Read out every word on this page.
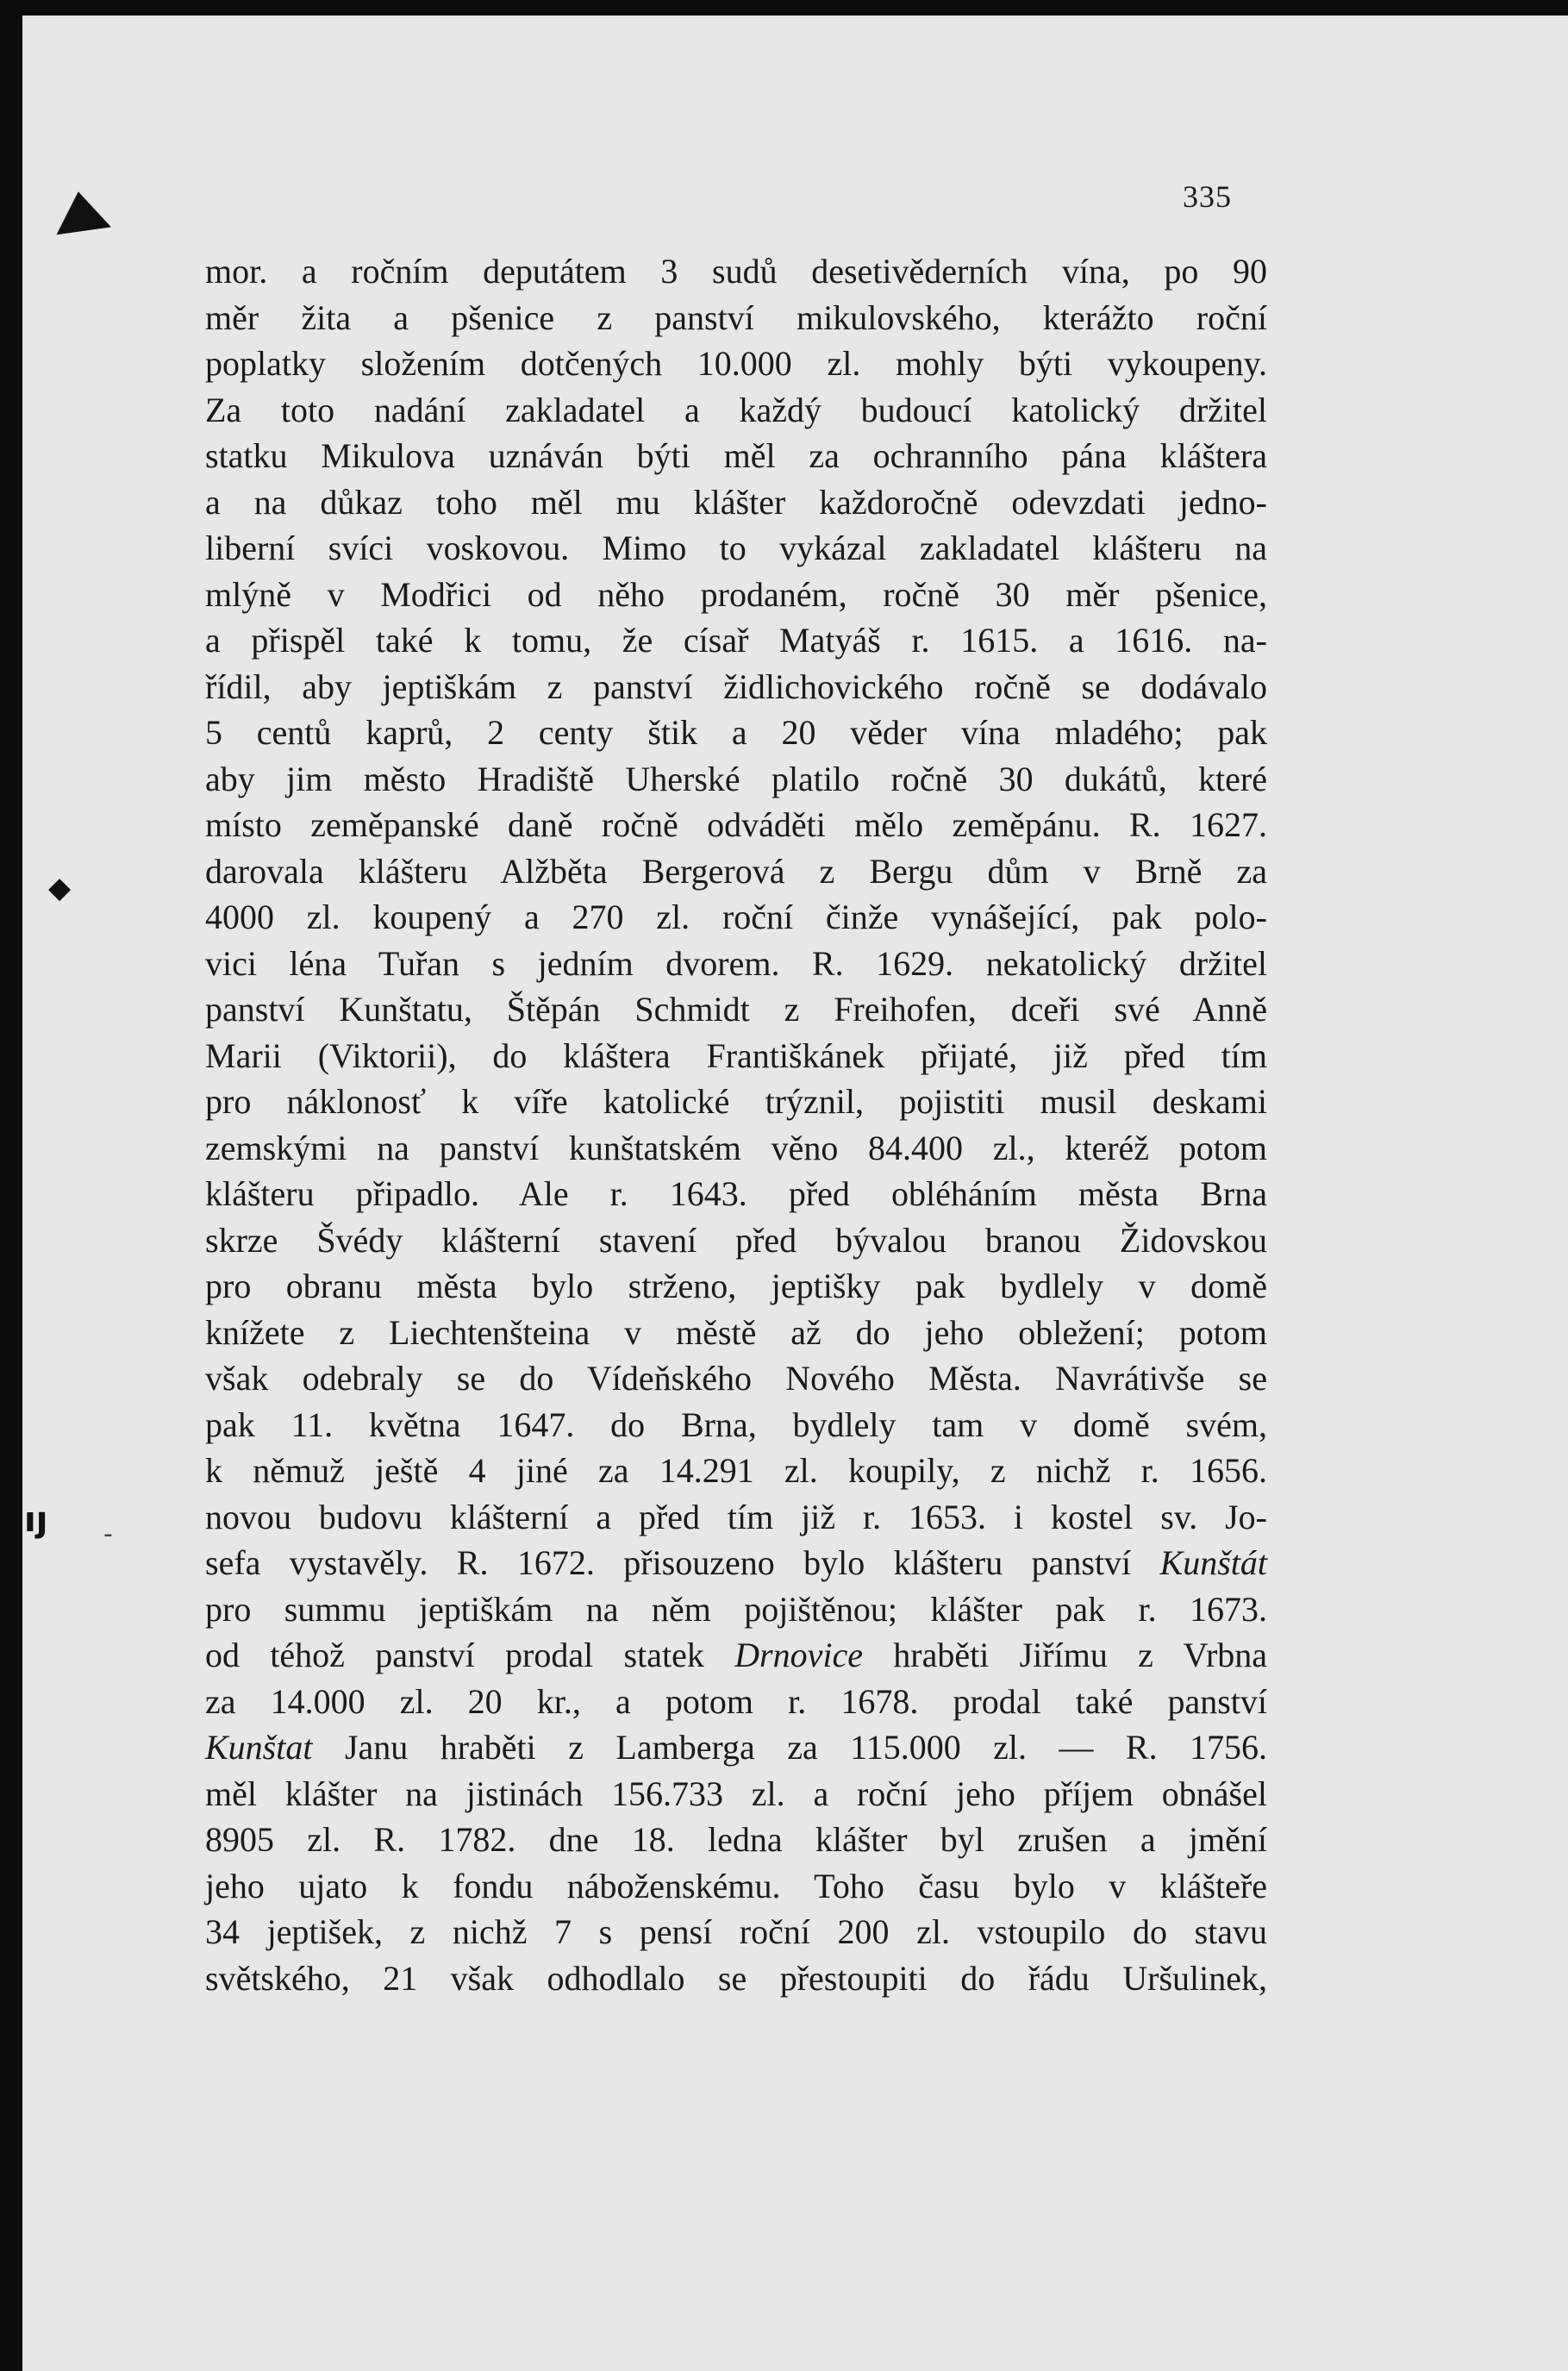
◆
ıȷ -
335
mor. a ročním deputátem 3 sudů desetivěderních vína, po 90
měr žita a pšenice z panství mikulovského, kterážto roční
poplatky složením dotčených 10.000 zl. mohly býti vykoupeny.
Za toto nadání zakladatel a každý budoucí katolický držitel
statku Mikulova uznáván býti měl za ochranního pána kláštera
a na důkaz toho měl mu klášter každoročně odevzdati jedno-
liberní svíci voskovou. Mimo to vykázal zakladatel klášteru na
mlýně v Modřici od něho prodaném, ročně 30 měr pšenice,
a přispěl také k tomu, že císař Matyáš r. 1615. a 1616. na-
řídil, aby jeptiškám z panství židlichovického ročně se dodávalo
5 centů kaprů, 2 centy štik a 20 věder vína mladého; pak
aby jim město Hradiště Uherské platilo ročně 30 dukátů, které
místo zeměpanské daně ročně odváděti mělo zeměpánu. R. 1627.
darovala klášteru Alžběta Bergerová z Bergu dům v Brně za
4000 zl. koupený a 270 zl. roční činže vynášející, pak polo-
vici léna Tuřan s jedním dvorem. R. 1629. nekatolický držitel
panství Kunštatu, Štěpán Schmidt z Freihofen, dceři své Anně
Marii (Viktorii), do kláštera Františkánek přijaté, již před tím
pro náklonosť k víře katolické trýznil, pojistiti musil deskami
zemskými na panství kunštatském věno 84.400 zl., kteréž potom
klášteru připadlo. Ale r. 1643. před obléháním města Brna
skrze Švédy klášterní stavení před bývalou branou Židovskou
pro obranu města bylo strženo, jeptišky pak bydlely v domě
knížete z Liechtenšteina v městě až do jeho obležení; potom
však odebraly se do Vídeňského Nového Města. Navrátivše se
pak 11. května 1647. do Brna, bydlely tam v domě svém,
k němuž ještě 4 jiné za 14.291 zl. koupily, z nichž r. 1656.
novou budovu klášterní a před tím již r. 1653. i kostel sv. Jo-
sefa vystavěly. R. 1672. přisouzeno bylo klášteru panství Kunštát
pro summu jeptiškám na něm pojištěnou; klášter pak r. 1673.
od téhož panství prodal statek Drnovice hraběti Jiřímu z Vrbna
za 14.000 zl. 20 kr., a potom r. 1678. prodal také panství
Kunštat Janu hraběti z Lamberga za 115.000 zl. — R. 1756.
měl klášter na jistinách 156.733 zl. a roční jeho příjem obnášel
8905 zl. R. 1782. dne 18. ledna klášter byl zrušen a jmění
jeho ujato k fondu náboženskému. Toho času bylo v klášteře
34 jeptišek, z nichž 7 s pensí roční 200 zl. vstoupilo do stavu
světského, 21 však odhodlalo se přestoupiti do řádu Uršulinek,
